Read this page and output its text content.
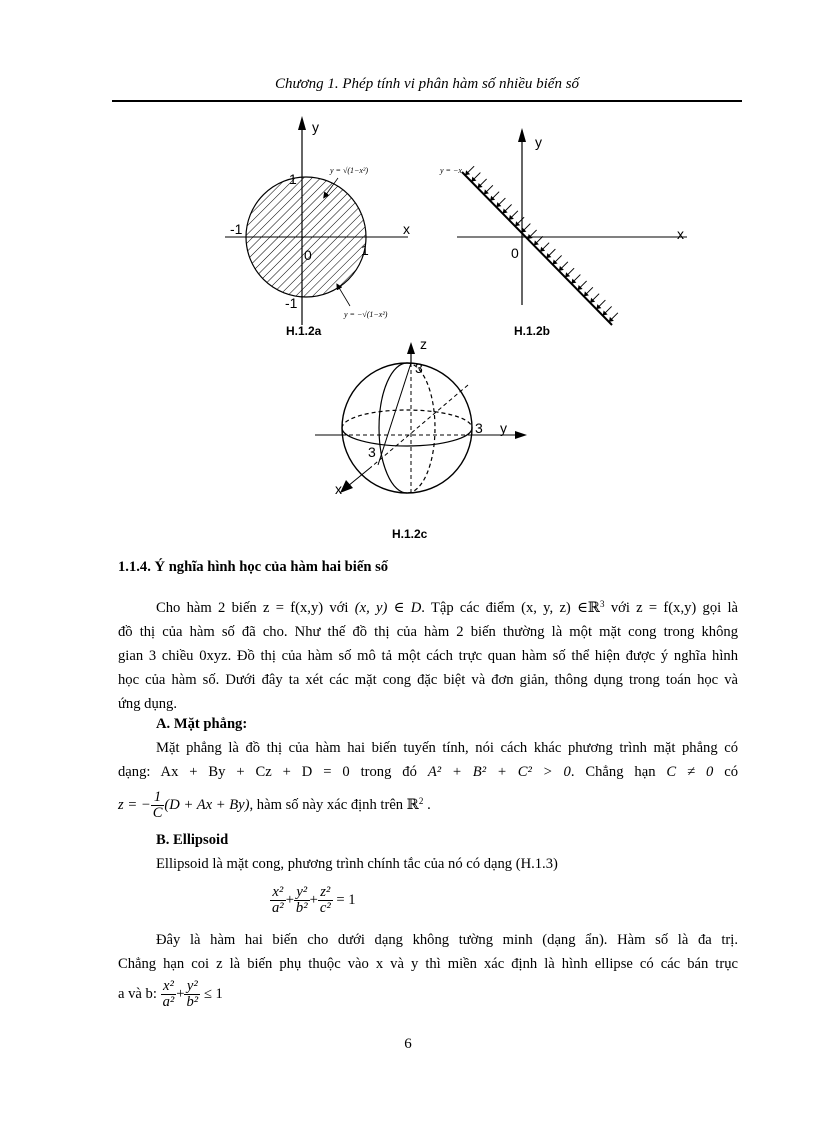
Chương 1. Phép tính vi phân hàm số nhiều biến số
y
x
1
-1
0	1
-1
y = √(1−x²)
y = −√(1−x²)
H.1.2a
y
x
0
y = −x
H.1.2b
z
3
3 y
3
x
H.1.2c
1.1.4. Ý nghĩa hình học của hàm hai biến số
Cho hàm 2 biến z = f(x,y) với (x, y) ∈ D. Tập các điểm (x, y, z) ∈ℝ$^3$ với z = f(x,y) gọi là
đồ thị của hàm số đã cho. Như thế đồ thị của hàm 2 biến thường là một mặt cong trong không
gian 3 chiều 0xyz. Đồ thị của hàm số mô tả một cách trực quan hàm số thể hiện được ý nghĩa hình
học của hàm số. Dưới đây ta xét các mặt cong đặc biệt và đơn giản, thông dụng trong toán học và
ứng dụng.
A. Mặt phẳng:
Mặt phẳng là đồ thị của hàm hai biến tuyến tính, nói cách khác phương trình mặt phẳng có
dạng: Ax + By + Cz + D = 0 trong đó A² + B² + C² > 0. Chẳng hạn C ≠ 0 có
z = − $\frac{1}{C} (D + Ax + By)$, hàm số này xác định trên ℝ$^2$ .
B. Ellipsoid
Ellipsoid là mặt cong, phương trình chính tắc của nó có dạng (H.1.3)
$\frac{\text{x²}}{\text{a²}} + \frac{\text{y²}}{\text{b²}} + \frac{\text{z²}}{\text{c²}} = 1$
Đây là hàm hai biến cho dưới dạng không tường minh (dạng ẩn). Hàm số là đa trị.
Chẳng hạn coi z là biến phụ thuộc vào x và y thì miền xác định là hình ellipse có các bán trục
a và b: $\frac{\text{x²}}{\text{a²}} + \frac{\text{y²}}{\text{b²}} \le 1$
6
